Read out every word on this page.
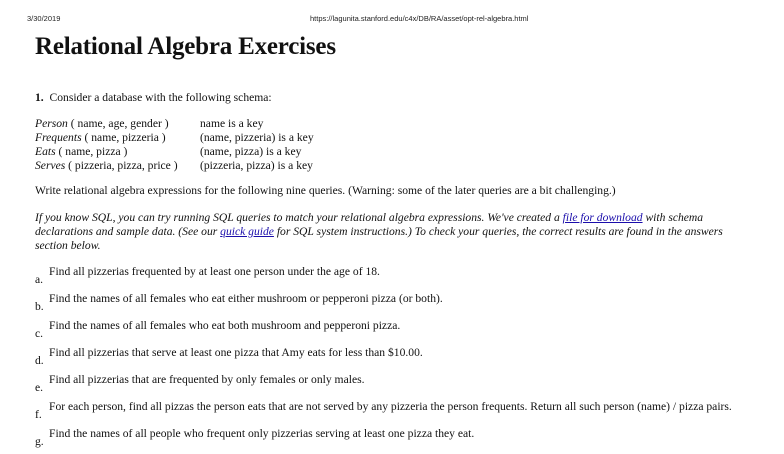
3/30/2019	https://lagunita.stanford.edu/c4x/DB/RA/asset/opt-rel-algebra.html
Relational Algebra Exercises
1. Consider a database with the following schema:
Person ( name, age, gender )	name is a key
Frequents ( name, pizzeria )	(name, pizzeria) is a key
Eats ( name, pizza )	(name, pizza) is a key
Serves ( pizzeria, pizza, price )	(pizzeria, pizza) is a key
Write relational algebra expressions for the following nine queries. (Warning: some of the later queries are a bit challenging.)
If you know SQL, you can try running SQL queries to match your relational algebra expressions. We've created a file for download with schema declarations and sample data. (See our quick guide for SQL system instructions.) To check your queries, the correct results are found in the answers section below.
a.
Find all pizzerias frequented by at least one person under the age of 18.
b.
Find the names of all females who eat either mushroom or pepperoni pizza (or both).
c.
Find the names of all females who eat both mushroom and pepperoni pizza.
d.
Find all pizzerias that serve at least one pizza that Amy eats for less than $10.00.
e.
Find all pizzerias that are frequented by only females or only males.
f.
For each person, find all pizzas the person eats that are not served by any pizzeria the person frequents. Return all such person (name) / pizza pairs.
g.
Find the names of all people who frequent only pizzerias serving at least one pizza they eat.
